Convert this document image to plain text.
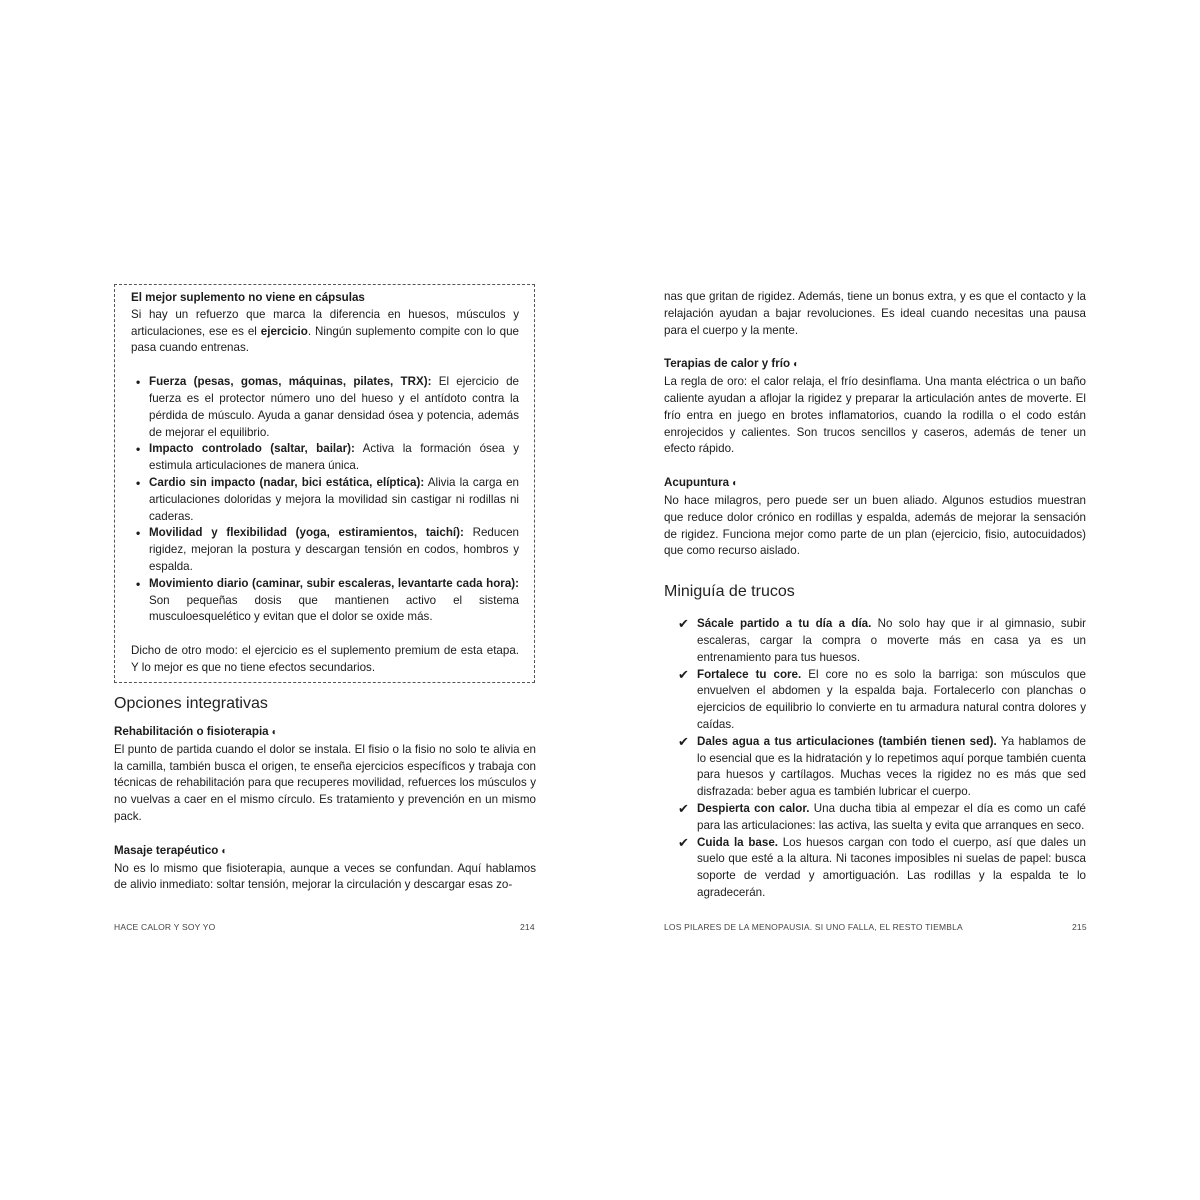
El mejor suplemento no viene en cápsulas

Si hay un refuerzo que marca la diferencia en huesos, músculos y articulaciones, ese es el ejercicio. Ningún suplemento compite con lo que pasa cuando entrenas.

• Fuerza (pesas, gomas, máquinas, pilates, TRX): El ejercicio de fuerza es el protector número uno del hueso y el antídoto contra la pérdida de músculo. Ayuda a ganar densidad ósea y potencia, además de mejorar el equilibrio.
• Impacto controlado (saltar, bailar): Activa la formación ósea y estimula articulaciones de manera única.
• Cardio sin impacto (nadar, bici estática, elíptica): Alivia la carga en articulaciones doloridas y mejora la movilidad sin castigar ni rodillas ni caderas.
• Movilidad y flexibilidad (yoga, estiramientos, taichí): Reducen rigidez, mejoran la postura y descargan tensión en codos, hombros y espalda.
• Movimiento diario (caminar, subir escaleras, levantarte cada hora): Son pequeñas dosis que mantienen activo el sistema musculoesquelético y evitan que el dolor se oxide más.

Dicho de otro modo: el ejercicio es el suplemento premium de esta etapa. Y lo mejor es que no tiene efectos secundarios.

Opciones integrativas

Rehabilitación o fisioterapia ◐

El punto de partida cuando el dolor se instala. El fisio o la fisio no solo te alivia en la camilla, también busca el origen, te enseña ejercicios específicos y trabaja con técnicas de rehabilitación para que recuperes movilidad, refuerces los músculos y no vuelvas a caer en el mismo círculo. Es tratamiento y prevención en un mismo pack.

Masaje terapéutico ◐

No es lo mismo que fisioterapia, aunque a veces se confundan. Aquí hablamos de alivio inmediato: soltar tensión, mejorar la circulación y descargar esas zo-

HACE CALOR Y SOY YO	214

nas que gritan de rigidez. Además, tiene un bonus extra, y es que el contacto y la relajación ayudan a bajar revoluciones. Es ideal cuando necesitas una pausa para el cuerpo y la mente.

Terapias de calor y frío ◐

La regla de oro: el calor relaja, el frío desinflama. Una manta eléctrica o un baño caliente ayudan a aflojar la rigidez y preparar la articulación antes de moverte. El frío entra en juego en brotes inflamatorios, cuando la rodilla o el codo están enrojecidos y calientes. Son trucos sencillos y caseros, además de tener un efecto rápido.

Acupuntura ◐

No hace milagros, pero puede ser un buen aliado. Algunos estudios muestran que reduce dolor crónico en rodillas y espalda, además de mejorar la sensación de rigidez. Funciona mejor como parte de un plan (ejercicio, fisio, autocuidados) que como recurso aislado.

Miniguía de trucos
✔ Sácale partido a tu día a día. No solo hay que ir al gimnasio, subir escaleras, cargar la compra o moverte más en casa ya es un entrenamiento para tus huesos.
✔ Fortalece tu core. El core no es solo la barriga: son músculos que envuelven el abdomen y la espalda baja. Fortalecerlo con planchas o ejercicios de equilibrio lo convierte en tu armadura natural contra dolores y caídas.
✔ Dales agua a tus articulaciones (también tienen sed). Ya hablamos de lo esencial que es la hidratación y lo repetimos aquí porque también cuenta para huesos y cartílagos. Muchas veces la rigidez no es más que sed disfrazada: beber agua es también lubricar el cuerpo.
✔ Despierta con calor. Una ducha tibia al empezar el día es como un café para las articulaciones: las activa, las suelta y evita que arranques en seco.
✔ Cuida la base. Los huesos cargan con todo el cuerpo, así que dales un suelo que esté a la altura. Ni tacones imposibles ni suelas de papel: busca soporte de verdad y amortiguación. Las rodillas y la espalda te lo agradecerán.
LOS PILARES DE LA MENOPAUSIA. SI UNO FALLA, EL RESTO TIEMBLA	215
